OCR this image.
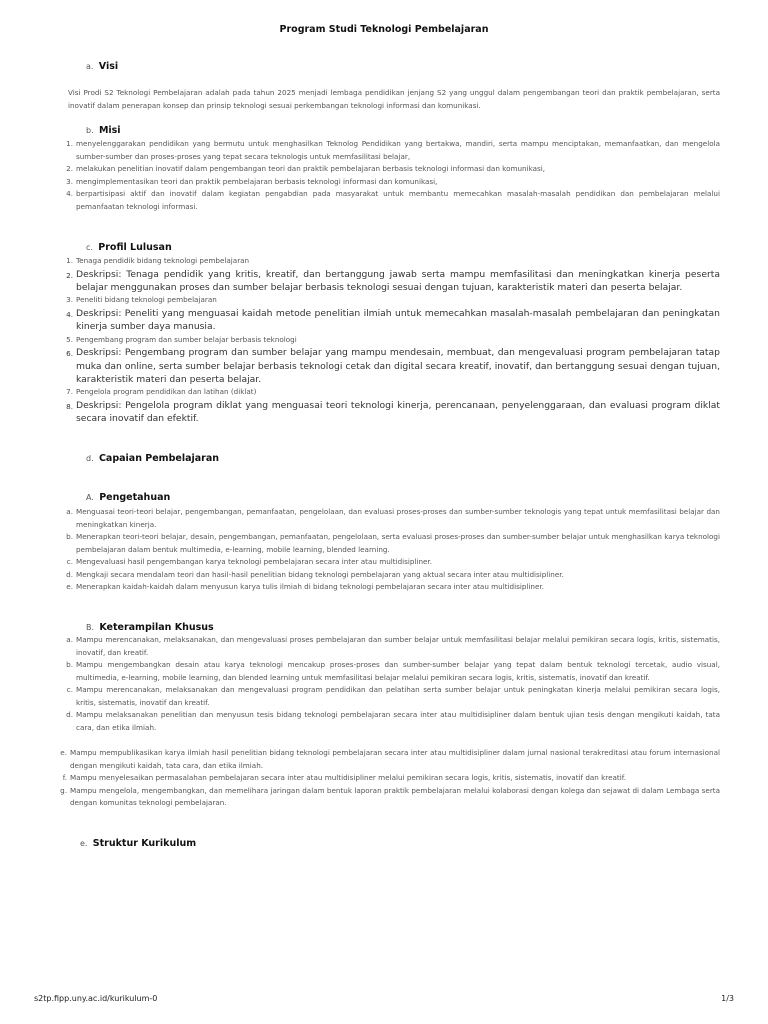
Program Studi Teknologi Pembelajaran
a. Visi
Visi Prodi S2 Teknologi Pembelajaran adalah pada tahun 2025 menjadi lembaga pendidikan jenjang S2 yang unggul dalam pengembangan teori dan praktik pembelajaran, serta inovatif dalam penerapan konsep dan prinsip teknologi sesuai perkembangan teknologi informasi dan komunikasi.
b. Misi
1. menyelenggarakan pendidikan yang bermutu untuk menghasilkan Teknolog Pendidikan yang bertakwa, mandiri, serta mampu menciptakan, memanfaatkan, dan mengelola sumber-sumber dan proses-proses yang tepat secara teknologis untuk memfasilitasi belajar,
2. melakukan penelitian inovatif dalam pengembangan teori dan praktik pembelajaran berbasis teknologi informasi dan komunikasi,
3. mengimplementasikan teori dan praktik pembelajaran berbasis teknologi informasi dan komunikasi,
4. berpartisipasi aktif dan inovatif dalam kegiatan pengabdian pada masyarakat untuk membantu memecahkan masalah-masalah pendidikan dan pembelajaran melalui pemanfaatan teknologi informasi.
c. Profil Lulusan
1. Tenaga pendidik bidang teknologi pembelajaran
2. Deskripsi: Tenaga pendidik yang kritis, kreatif, dan bertanggung jawab serta mampu memfasilitasi dan meningkatkan kinerja peserta belajar menggunakan proses dan sumber belajar berbasis teknologi sesuai dengan tujuan, karakteristik materi dan peserta belajar.
3. Peneliti bidang teknologi pembelajaran
4. Deskripsi: Peneliti yang menguasai kaidah metode penelitian ilmiah untuk memecahkan masalah-masalah pembelajaran dan peningkatan kinerja sumber daya manusia.
5. Pengembang program dan sumber belajar berbasis teknologi
6. Deskripsi: Pengembang program dan sumber belajar yang mampu mendesain, membuat, dan mengevaluasi program pembelajaran tatap muka dan online, serta sumber belajar berbasis teknologi cetak dan digital secara kreatif, inovatif, dan bertanggung sesuai dengan tujuan, karakteristik materi dan peserta belajar.
7. Pengelola program pendidikan dan latihan (diklat)
8. Deskripsi: Pengelola program diklat yang menguasai teori teknologi kinerja, perencanaan, penyelenggaraan, dan evaluasi program diklat secara inovatif dan efektif.
d. Capaian Pembelajaran
A. Pengetahuan
a. Menguasai teori-teori belajar, pengembangan, pemanfaatan, pengelolaan, dan evaluasi proses-proses dan sumber-sumber teknologis yang tepat untuk memfasilitasi belajar dan meningkatkan kinerja.
b. Menerapkan teori-teori belajar, desain, pengembangan, pemanfaatan, pengelolaan, serta evaluasi proses-proses dan sumber-sumber belajar untuk menghasilkan karya teknologi pembelajaran dalam bentuk multimedia, e-learning, mobile learning, blended learning.
c. Mengevaluasi hasil pengembangan karya teknologi pembelajaran secara inter atau multidisipliner.
d. Mengkaji secara mendalam teori dan hasil-hasil penelitian bidang teknologi pembelajaran yang aktual secara inter atau multidisipliner.
e. Menerapkan kaidah-kaidah dalam menyusun karya tulis ilmiah di bidang teknologi pembelajaran secara inter atau multidisipliner.
B. Keterampilan Khusus
a. Mampu merencanakan, melaksanakan, dan mengevaluasi proses pembelajaran dan sumber belajar untuk memfasilitasi belajar melalui pemikiran secara logis, kritis, sistematis, inovatif, dan kreatif.
b. Mampu mengembangkan desain atau karya teknologi mencakup proses-proses dan sumber-sumber belajar yang tepat dalam bentuk teknologi tercetak, audio visual, multimedia, e-learning, mobile learning, dan blended learning untuk memfasilitasi belajar melalui pemikiran secara logis, kritis, sistematis, inovatif dan kreatif.
c. Mampu merencanakan, melaksanakan dan mengevaluasi program pendidikan dan pelatihan serta sumber belajar untuk peningkatan kinerja melalui pemikiran secara logis, kritis, sistematis, inovatif dan kreatif.
d. Mampu melaksanakan penelitian dan menyusun tesis bidang teknologi pembelajaran secara inter atau multidisipliner dalam bentuk ujian tesis dengan mengikuti kaidah, tata cara, dan etika ilmiah.
e. Mampu mempublikasikan karya ilmiah hasil penelitian bidang teknologi pembelajaran secara inter atau multidisipliner dalam jurnal nasional terakreditasi atau forum internasional dengan mengikuti kaidah, tata cara, dan etika ilmiah.
f. Mampu menyelesaikan permasalahan pembelajaran secara inter atau multidisipliner melalui pemikiran secara logis, kritis, sistematis, inovatif dan kreatif.
g. Mampu mengelola, mengembangkan, dan memelihara jaringan dalam bentuk laporan praktik pembelajaran melalui kolaborasi dengan kolega dan sejawat di dalam Lembaga serta dengan komunitas teknologi pembelajaran.
e. Struktur Kurikulum
s2tp.fipp.uny.ac.id/kurikulum-0	1/3
